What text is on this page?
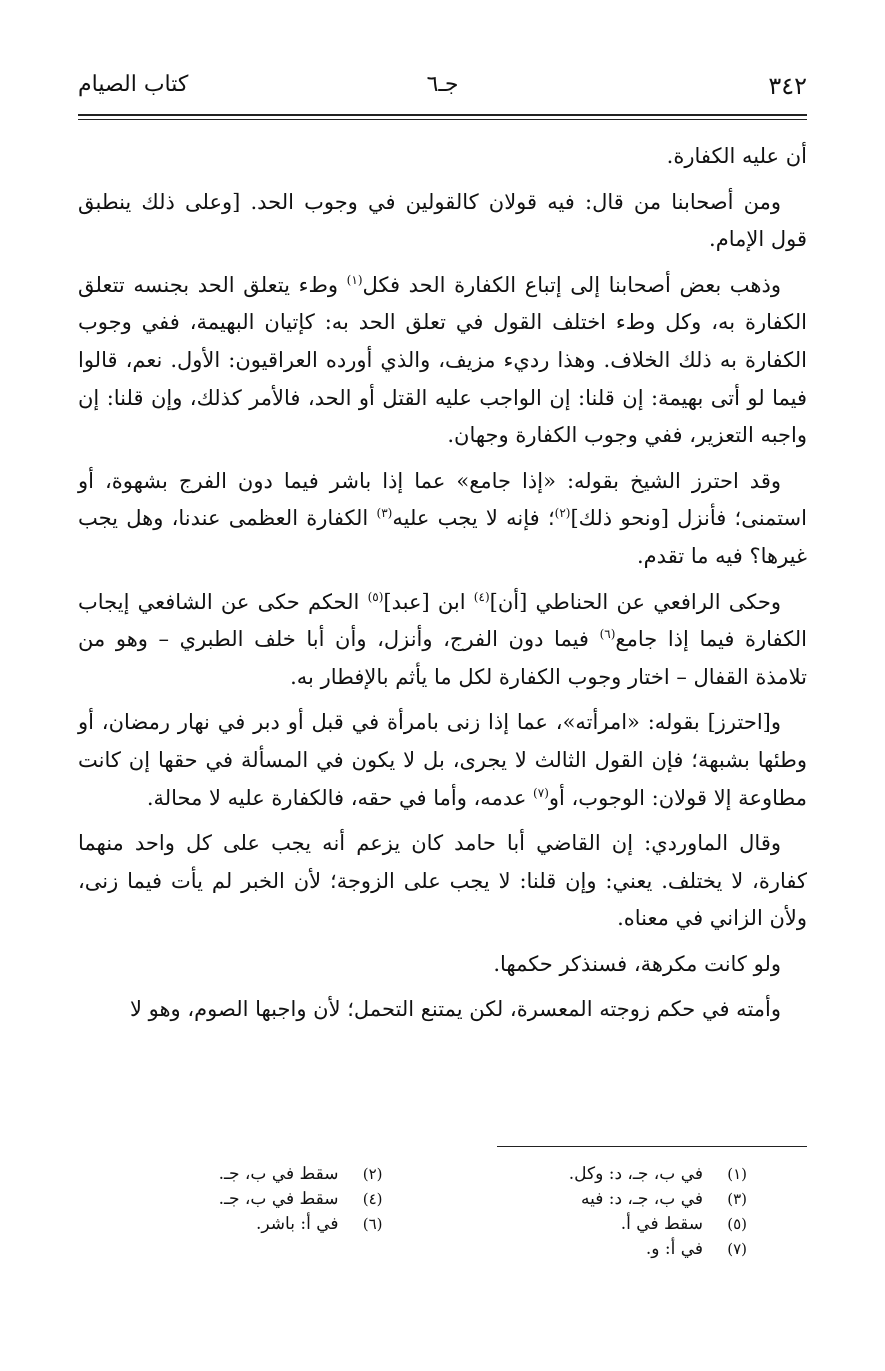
٣٤٢
جـ٦
كتاب الصيام

أن عليه الكفارة.

ومن أصحابنا من قال: فيه قولان كالقولين في وجوب الحد. [وعلى ذلك ينطبق قول الإمام.

وذهب بعض أصحابنا إلى إتباع الكفارة الحد فكل$^{(١)}$ وطء يتعلق الحد بجنسه تتعلق الكفارة به، وكل وطء اختلف القول في تعلق الحد به: كإتيان البهيمة، ففي وجوب الكفارة به ذلك الخلاف. وهذا رديء مزيف، والذي أورده العراقيون: الأول. نعم، قالوا فيما لو أتى بهيمة: إن قلنا: إن الواجب عليه القتل أو الحد، فالأمر كذلك، وإن قلنا: إن واجبه التعزير، ففي وجوب الكفارة وجهان.

وقد احترز الشيخ بقوله: «إذا جامع» عما إذا باشر فيما دون الفرج بشهوة، أو استمنى؛ فأنزل [ونحو ذلك]$^{(٢)}$؛ فإنه لا يجب عليه$^{(٣)}$ الكفارة العظمى عندنا، وهل يجب غيرها؟ فيه ما تقدم.

وحكى الرافعي عن الحناطي [أن]$^{(٤)}$ ابن [عبد]$^{(٥)}$ الحكم حكى عن الشافعي إيجاب الكفارة فيما إذا جامع$^{(٦)}$ فيما دون الفرج، وأنزل، وأن أبا خلف الطبري – وهو من تلامذة القفال – اختار وجوب الكفارة لكل ما يأثم بالإفطار به.

و[احترز] بقوله: «امرأته»، عما إذا زنى بامرأة في قبل أو دبر في نهار رمضان، أو وطئها بشبهة؛ فإن القول الثالث لا يجرى، بل لا يكون في المسألة في حقها إن كانت مطاوعة إلا قولان: الوجوب، أو$^{(٧)}$ عدمه، وأما في حقه، فالكفارة عليه لا محالة.

وقال الماوردي: إن القاضي أبا حامد كان يزعم أنه يجب على كل واحد منهما كفارة، لا يختلف. يعني: وإن قلنا: لا يجب على الزوجة؛ لأن الخبر لم يأت فيما زنى، ولأن الزاني في معناه.

ولو كانت مكرهة، فسنذكر حكمها.

وأمته في حكم زوجته المعسرة، لكن يمتنع التحمل؛ لأن واجبها الصوم، وهو لا

(١)في ب، جـ، د: وكل.
(٢)سقط في ب، جـ.
(٣)في ب، جـ، د: فيه
(٤)سقط في ب، جـ.
(٥)سقط في أ.
(٦)في أ: باشر.
(٧)في أ: و.
